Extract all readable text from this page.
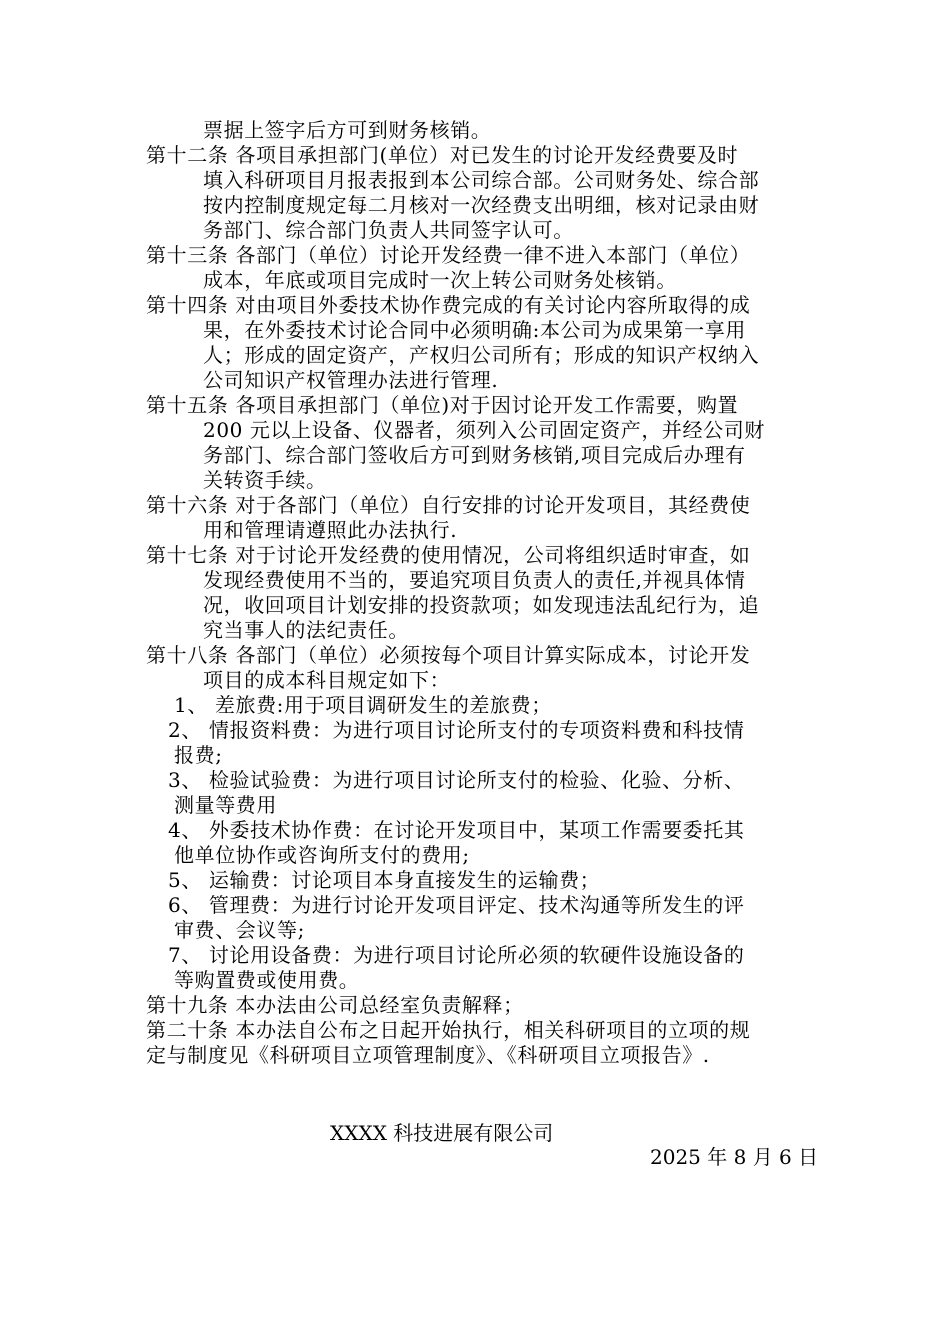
票据上签字后方可到财务核销。
第十二条 各项目承担部门(单位）对已发生的讨论开发经费要及时
填入科研项目月报表报到本公司综合部。公司财务处、综合部
按内控制度规定每二月核对一次经费支出明细，核对记录由财
务部门、综合部门负责人共同签字认可。
第十三条 各部门（单位）讨论开发经费一律不进入本部门（单位）
成本，年底或项目完成时一次上转公司财务处核销。
第十四条 对由项目外委技术协作费完成的有关讨论内容所取得的成
果，在外委技术讨论合同中必须明确:本公司为成果第一享用
人；形成的固定资产，产权归公司所有；形成的知识产权纳入
公司知识产权管理办法进行管理.
第十五条 各项目承担部门（单位)对于因讨论开发工作需要，购置
200 元以上设备、仪器者，须列入公司固定资产，并经公司财
务部门、综合部门签收后方可到财务核销,项目完成后办理有
关转资手续。
第十六条 对于各部门（单位）自行安排的讨论开发项目，其经费使
用和管理请遵照此办法执行.
第十七条 对于讨论开发经费的使用情况，公司将组织适时审查，如
发现经费使用不当的，要追究项目负责人的责任,并视具体情
况，收回项目计划安排的投资款项；如发现违法乱纪行为，追
究当事人的法纪责任。
第十八条 各部门（单位）必须按每个项目计算实际成本，讨论开发
项目的成本科目规定如下：
1、 差旅费:用于项目调研发生的差旅费；
2、 情报资料费：为进行项目讨论所支付的专项资料费和科技情
报费;
3、 检验试验费：为进行项目讨论所支付的检验、化验、分析、
测量等费用
4、 外委技术协作费：在讨论开发项目中，某项工作需要委托其
他单位协作或咨询所支付的费用;
5、 运输费：讨论项目本身直接发生的运输费；
6、 管理费：为进行讨论开发项目评定、技术沟通等所发生的评
审费、会议等;
7、 讨论用设备费：为进行项目讨论所必须的软硬件设施设备的
等购置费或使用费。
第十九条 本办法由公司总经室负责解释；
第二十条 本办法自公布之日起开始执行，相关科研项目的立项的规
定与制度见《科研项目立项管理制度》、《科研项目立项报告》.
XXXX 科技进展有限公司
2025 年 8 月 6 日
